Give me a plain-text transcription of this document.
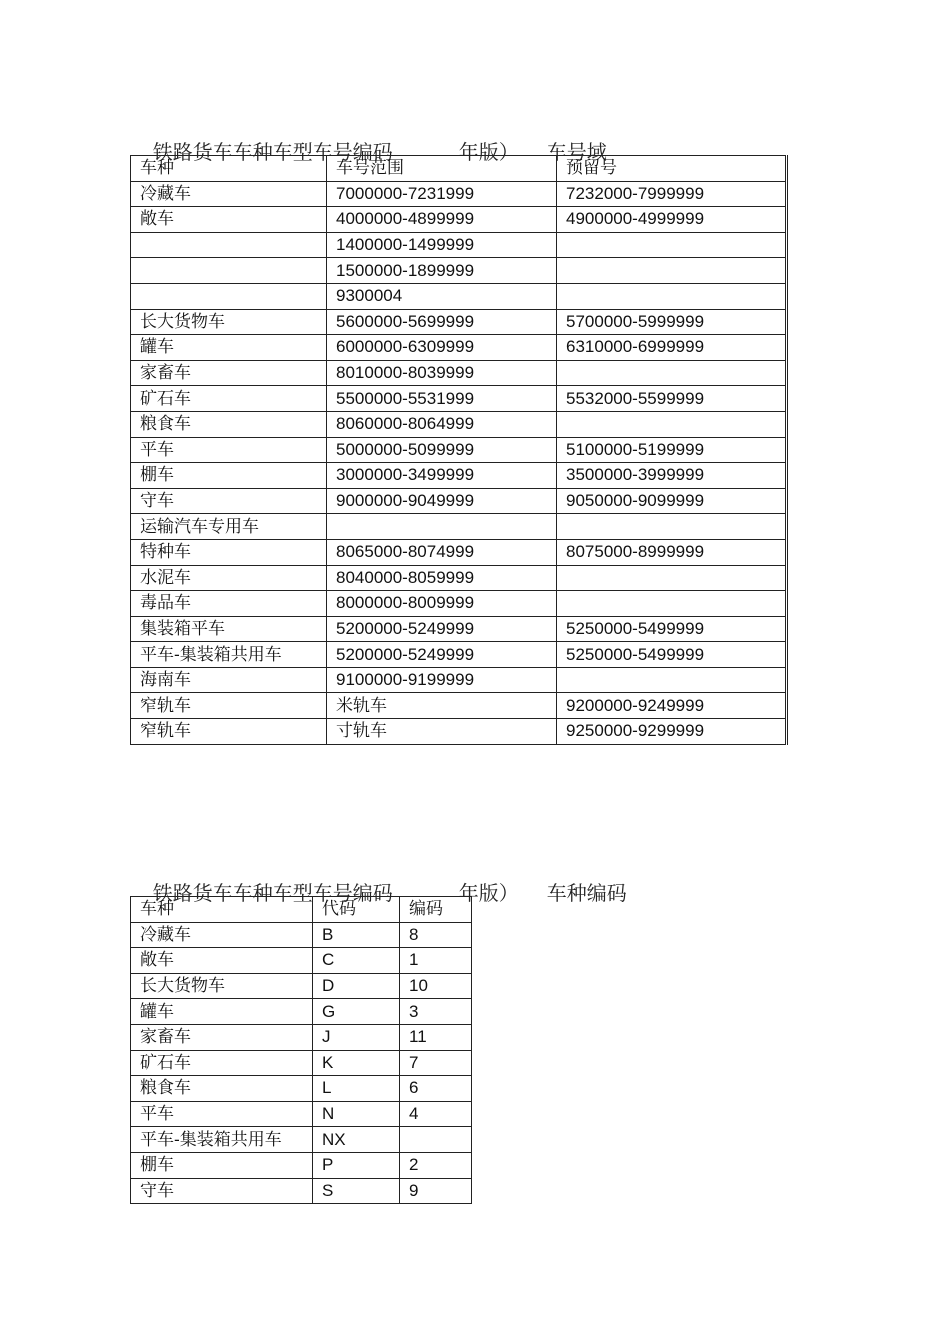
铁路货车车种车型车号编码	年版） 车号域

车种	车号范围	预留号
冷藏车	7000000-7231999	7232000-7999999
敞车	4000000-4899999	4900000-4999999
	1400000-1499999	
	1500000-1899999	
	9300004	
长大货物车	5600000-5699999	5700000-5999999
罐车	6000000-6309999	6310000-6999999
家畜车	8010000-8039999	
矿石车	5500000-5531999	5532000-5599999
粮食车	8060000-8064999	
平车	5000000-5099999	5100000-5199999
棚车	3000000-3499999	3500000-3999999
守车	9000000-9049999	9050000-9099999
运输汽车专用车		
特种车	8065000-8074999	8075000-8999999
水泥车	8040000-8059999	
毒品车	8000000-8009999	
集装箱平车	5200000-5249999	5250000-5499999
平车-集装箱共用车	5200000-5249999	5250000-5499999
海南车	9100000-9199999	
窄轨车	米轨车	9200000-9249999
窄轨车	寸轨车	9250000-9299999

铁路货车车种车型车号编码	年版） 车种编码

车种	代码	编码
冷藏车	B	8
敞车	C	1
长大货物车	D	10
罐车	G	3
家畜车	J	11
矿石车	K	7
粮食车	L	6
平车	N	4
平车-集装箱共用车	NX	
棚车	P	2
守车	S	9
